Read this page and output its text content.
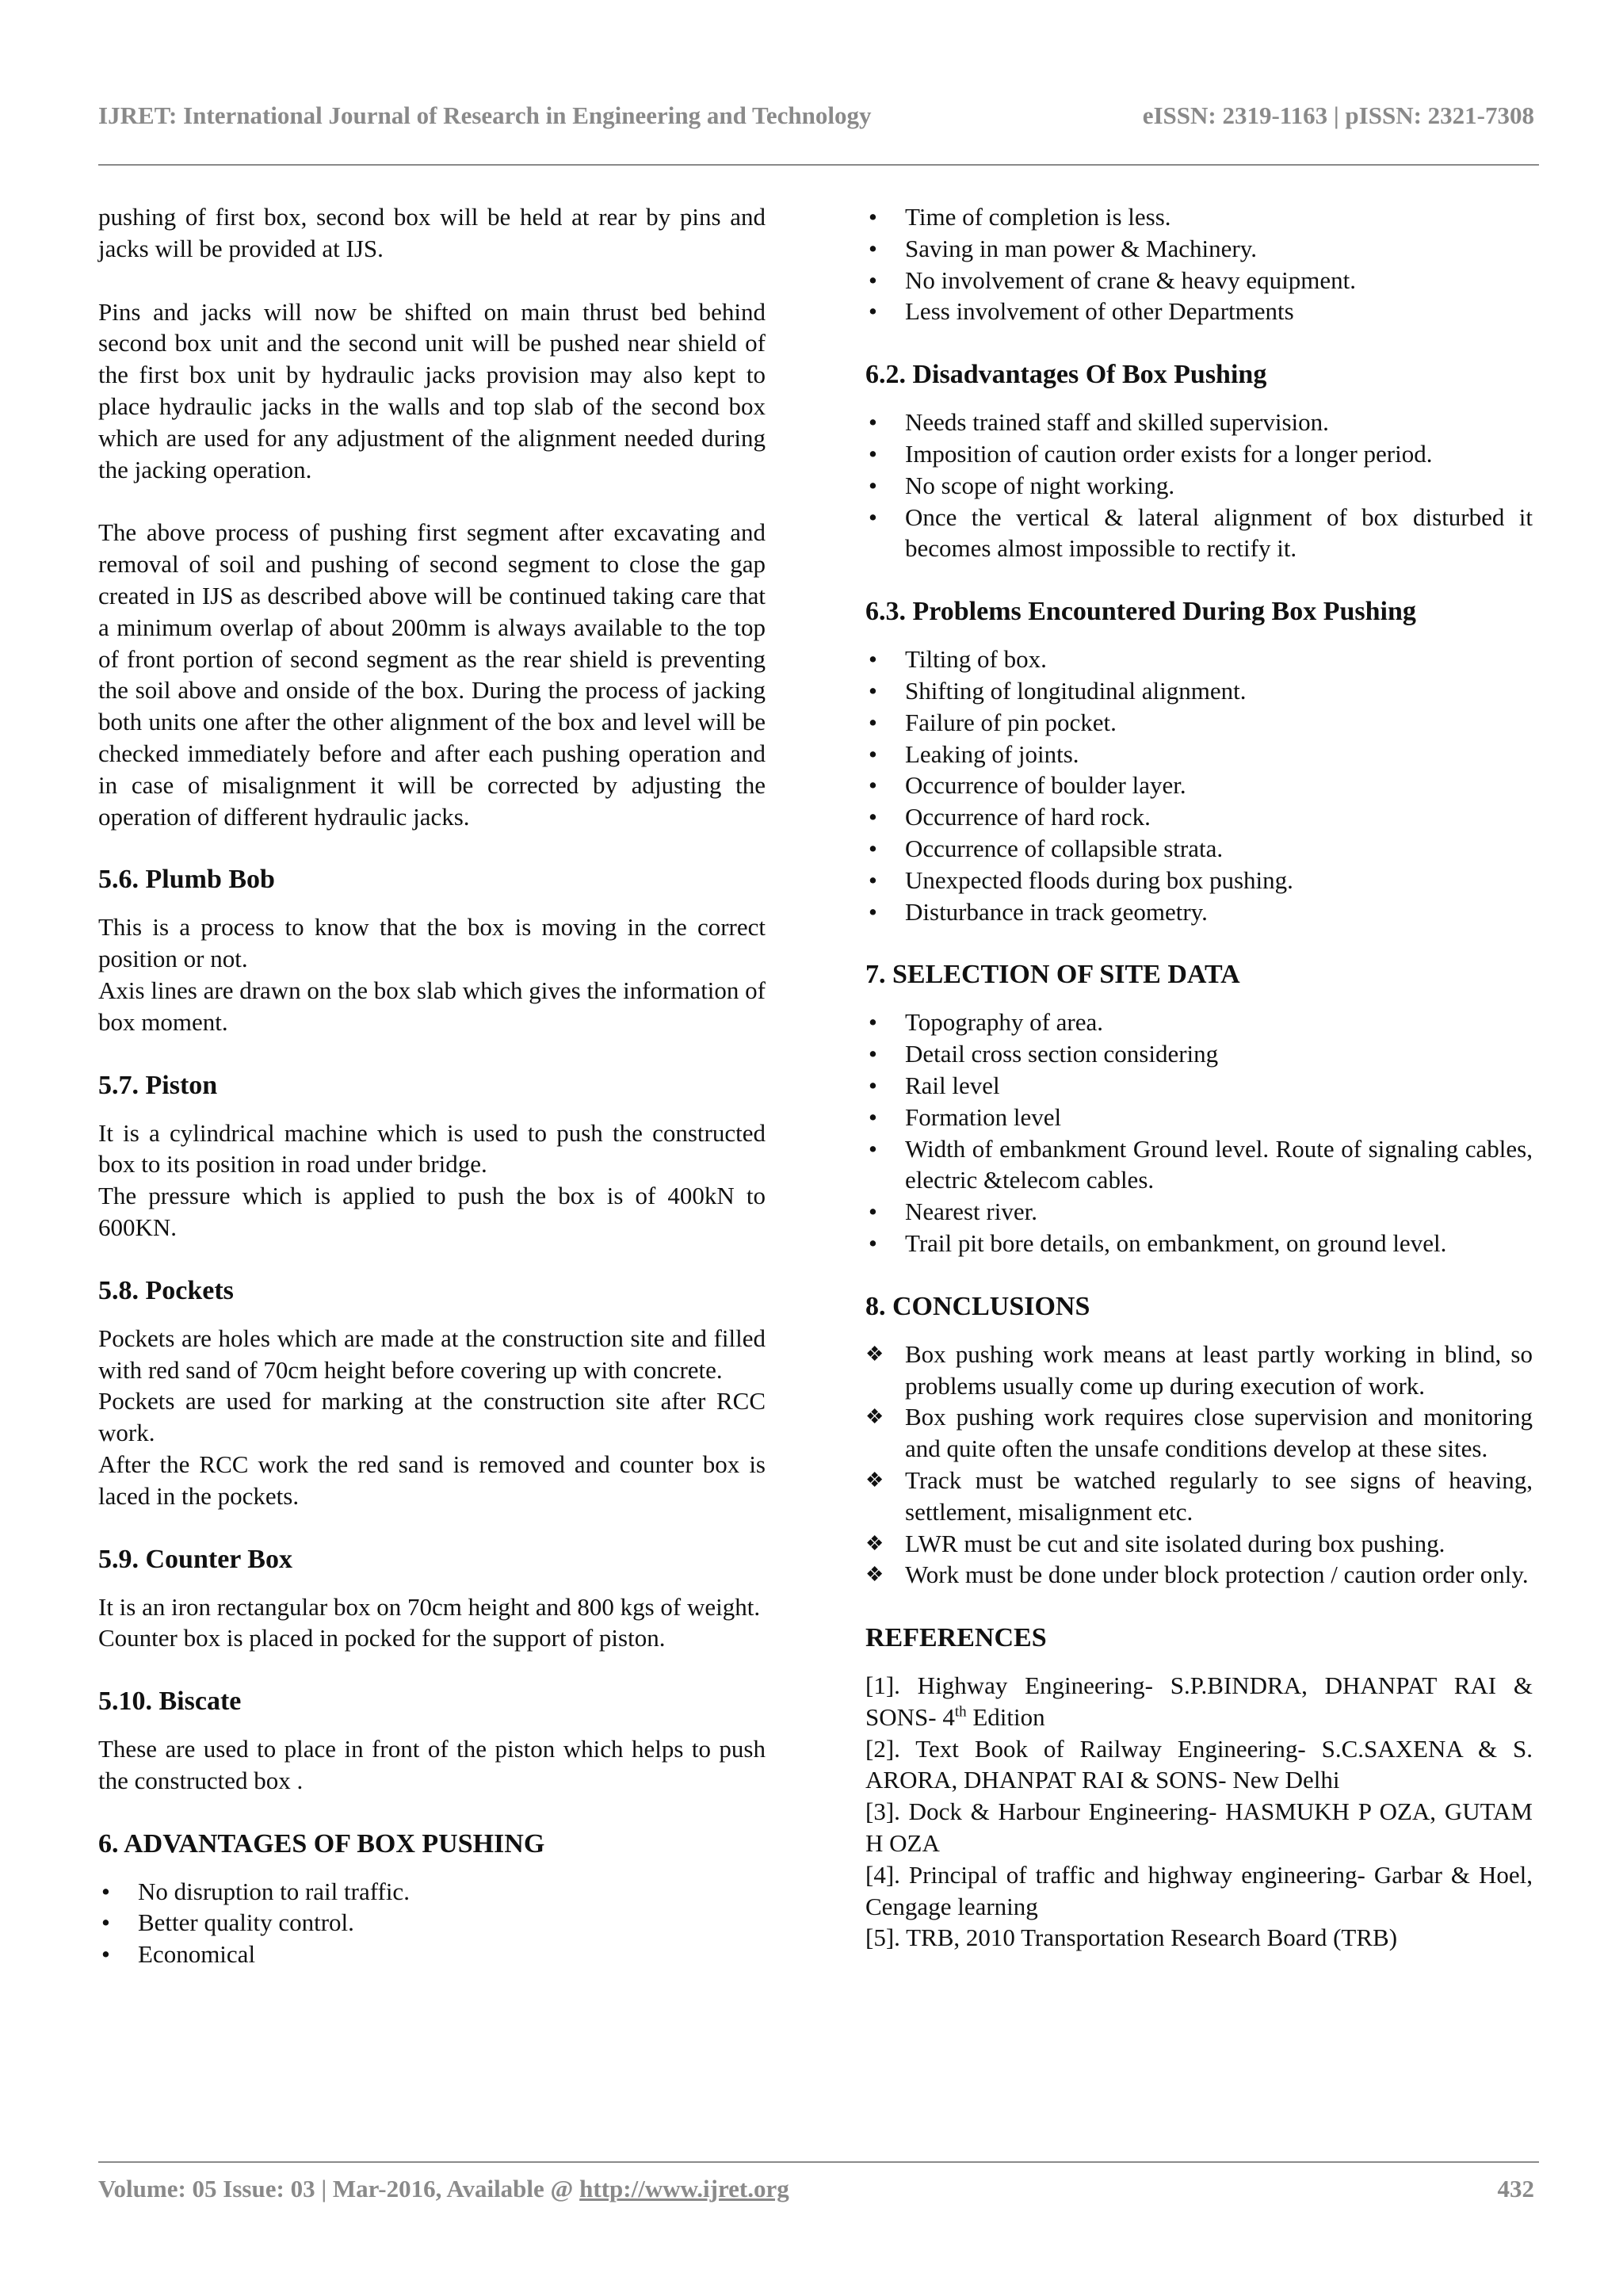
IJRET: International Journal of Research in Engineering and Technology	eISSN: 2319-1163 | pISSN: 2321-7308

pushing of first box, second box will be held at rear by pins and jacks will be provided at IJS.

Pins and jacks will now be shifted on main thrust bed behind second box unit and the second unit will be pushed near shield of the first box unit by hydraulic jacks provision may also kept to place hydraulic jacks in the walls and top slab of the second box which are used for any adjustment of the alignment needed during the jacking operation.

The above process of pushing first segment after excavating and removal of soil and pushing of second segment to close the gap created in IJS as described above will be continued taking care that a minimum overlap of about 200mm is always available to the top of front portion of second segment as the rear shield is preventing the soil above and onside of the box. During the process of jacking both units one after the other alignment of the box and level will be checked immediately before and after each pushing operation and in case of misalignment it will be corrected by adjusting the operation of different hydraulic jacks.

5.6. Plumb Bob

This is a process to know that the box is moving in the correct position or not.

Axis lines are drawn on the box slab which gives the information of box moment.

5.7. Piston

It is a cylindrical machine which is used to push the constructed box to its position in road under bridge.

The pressure which is applied to push the box is of 400kN to 600KN.

5.8. Pockets

Pockets are holes which are made at the construction site and filled with red sand of 70cm height before covering up with concrete.

Pockets are used for marking at the construction site after RCC work.

After the RCC work the red sand is removed and counter box is laced in the pockets.

5.9. Counter Box

It is an iron rectangular box on 70cm height and 800 kgs of weight.

Counter box is placed in pocked for the support of piston.

5.10. Biscate

These are used to place in front of the piston which helps to push the constructed box .

6. ADVANTAGES OF BOX PUSHING
• No disruption to rail traffic.
• Better quality control.
• Economical
• Time of completion is less.
• Saving in man power & Machinery.
• No involvement of crane & heavy equipment.
• Less involvement of other Departments
6.2. Disadvantages Of Box Pushing
• Needs trained staff and skilled supervision.
• Imposition of caution order exists for a longer period.
• No scope of night working.
• Once the vertical & lateral alignment of box disturbed it becomes almost impossible to rectify it.
6.3. Problems Encountered During Box Pushing
• Tilting of box.
• Shifting of longitudinal alignment.
• Failure of pin pocket.
• Leaking of joints.
• Occurrence of boulder layer.
• Occurrence of hard rock.
• Occurrence of collapsible strata.
• Unexpected floods during box pushing.
• Disturbance in track geometry.
7. SELECTION OF SITE DATA
• Topography of area.
• Detail cross section considering
• Rail level
• Formation level
• Width of embankment Ground level. Route of signaling cables, electric &telecom cables.
• Nearest river.
• Trail pit bore details, on embankment, on ground level.
8. CONCLUSIONS
❖ Box pushing work means at least partly working in blind, so problems usually come up during execution of work.
❖ Box pushing work requires close supervision and monitoring and quite often the unsafe conditions develop at these sites.
❖ Track must be watched regularly to see signs of heaving, settlement, misalignment etc.
❖ LWR must be cut and site isolated during box pushing.
❖ Work must be done under block protection / caution order only.
REFERENCES

[1]. Highway Engineering- S.P.BINDRA, DHANPAT RAI & SONS- 4th Edition

[2]. Text Book of Railway Engineering- S.C.SAXENA & S. ARORA, DHANPAT RAI & SONS- New Delhi

[3]. Dock & Harbour Engineering- HASMUKH P OZA, GUTAM H OZA

[4]. Principal of traffic and highway engineering- Garbar & Hoel, Cengage learning

[5]. TRB, 2010 Transportation Research Board (TRB)

Volume: 05 Issue: 03 | Mar-2016, Available @ http://www.ijret.org	432
